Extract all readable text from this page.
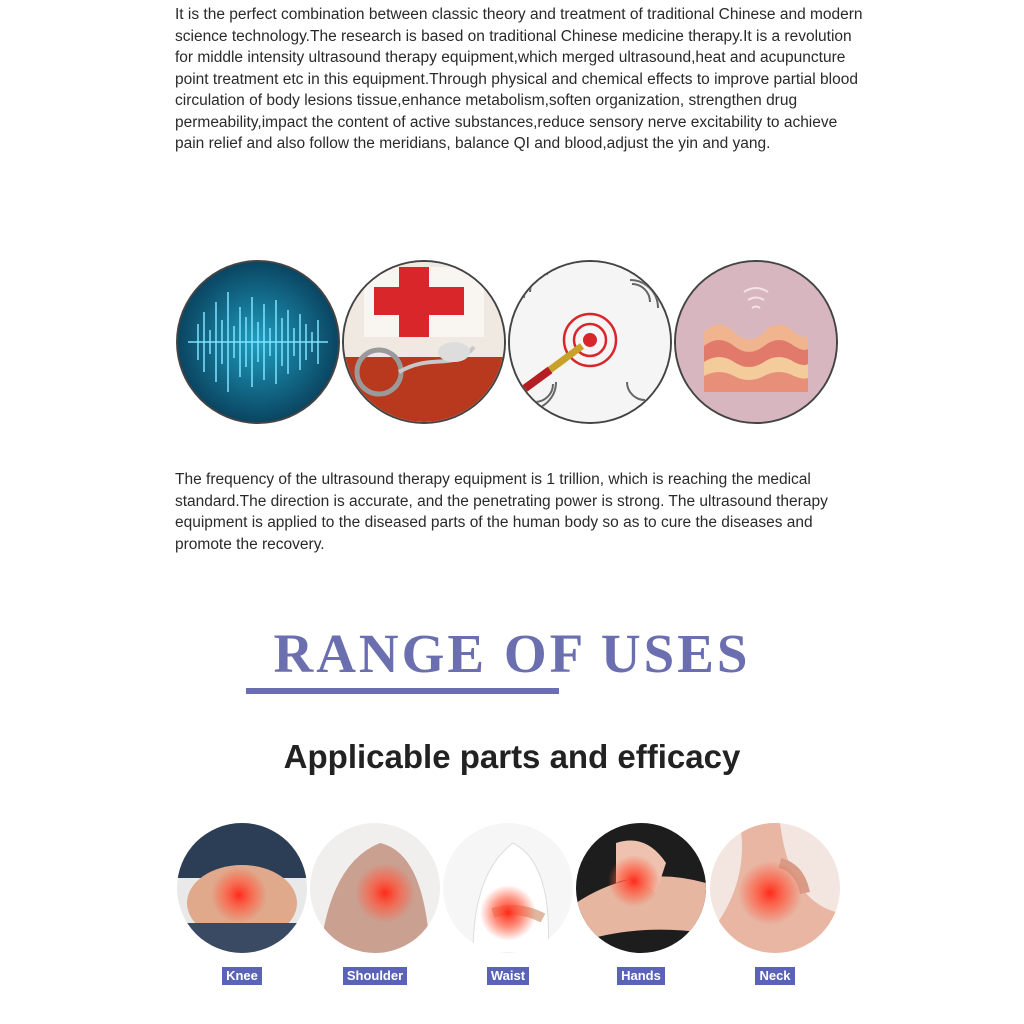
It is the perfect combination between classic theory and treatment of traditional Chinese and modern science technology.The research is based on traditional Chinese medicine therapy.It is a revolution for middle intensity ultrasound therapy equipment,which merged ultrasound,heat and acupuncture point treatment etc in this equipment.Through physical and chemical effects to improve partial blood circulation of body lesions tissue,enhance metabolism,soften organization, strengthen drug permeability,impact the content of active substances,reduce sensory nerve excitability to achieve pain relief and also follow the meridians, balance QI and blood,adjust the yin and yang.

The frequency of the ultrasound therapy equipment is 1 trillion, which is reaching the medical standard.The direction is accurate, and the penetrating power is strong. The ultrasound therapy equipment is applied to the diseased parts of the human body so as to cure the diseases and promote the recovery.

RANGE OF USES
Applicable parts and efficacy
Knee	Shoulder	Waist	Hands	Neck
